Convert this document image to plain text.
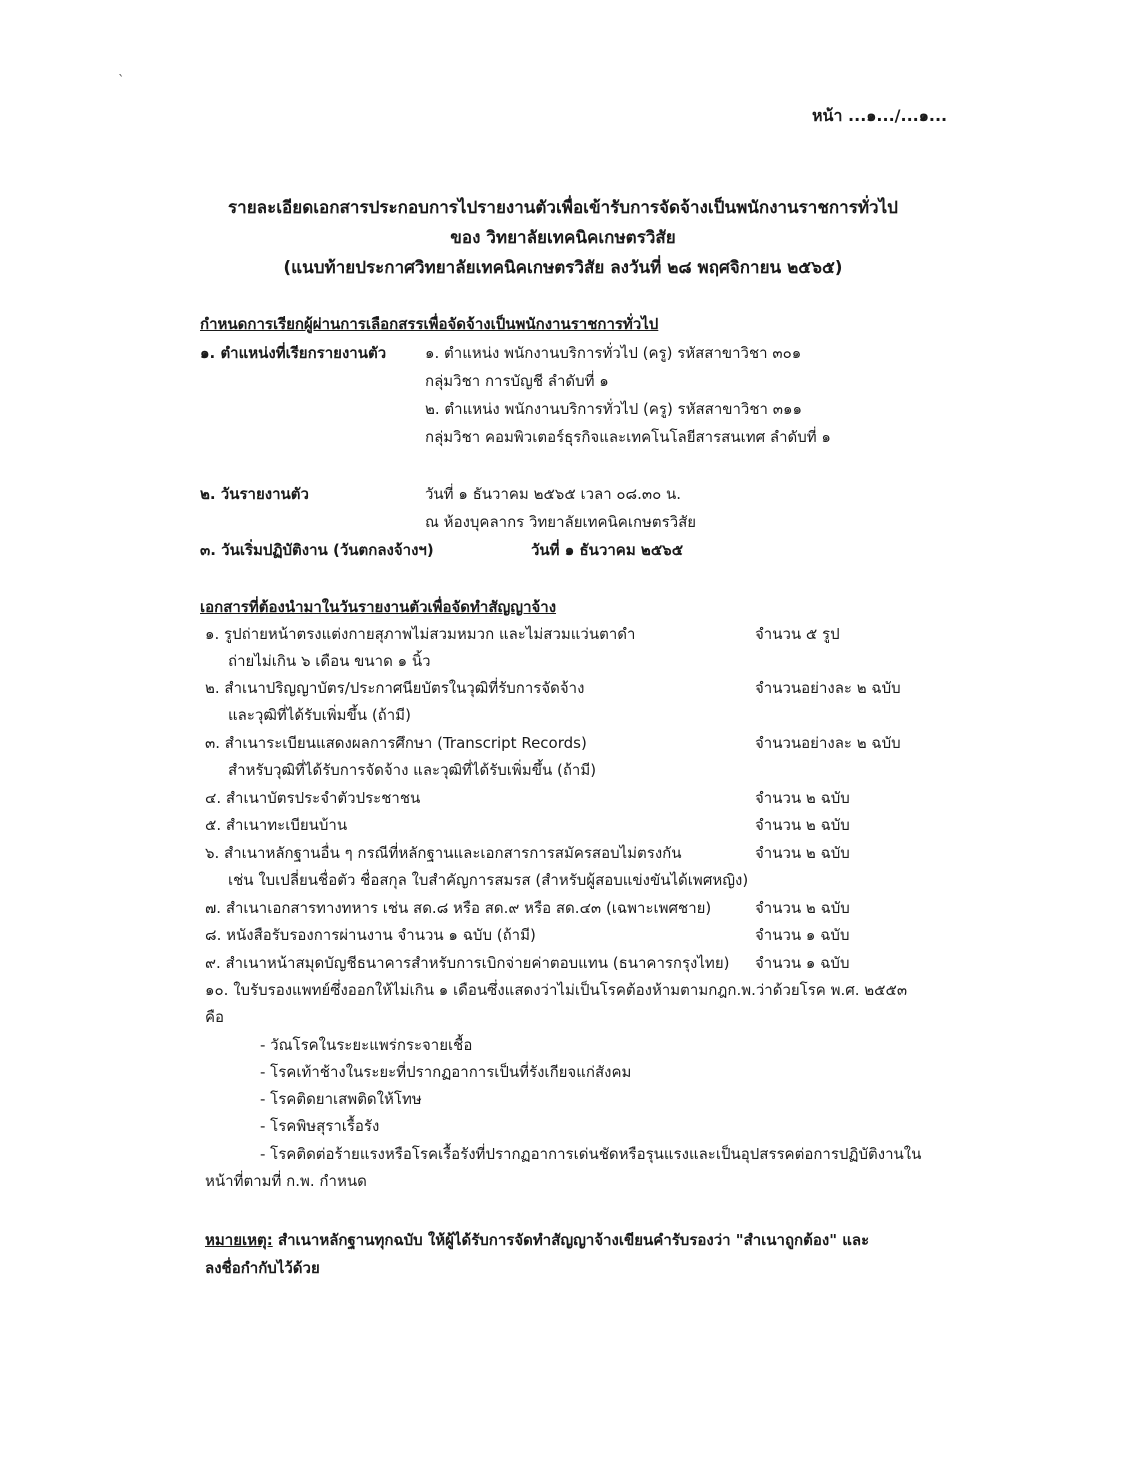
`
หน้า ...๑.../...๑...
รายละเอียดเอกสารประกอบการไปรายงานตัวเพื่อเข้ารับการจัดจ้างเป็นพนักงานราชการทั่วไป
ของ วิทยาลัยเทคนิคเกษตรวิสัย
(แนบท้ายประกาศวิทยาลัยเทคนิคเกษตรวิสัย ลงวันที่ ๒๘ พฤศจิกายน ๒๕๖๕)
กำหนดการเรียกผู้ผ่านการเลือกสรรเพื่อจัดจ้างเป็นพนักงานราชการทั่วไป
๑. ตำแหน่งที่เรียกรายงานตัว	๑. ตำแหน่ง พนักงานบริการทั่วไป (ครู) รหัสสาขาวิชา ๓๐๑
กลุ่มวิชา การบัญชี ลำดับที่ ๑
๒. ตำแหน่ง พนักงานบริการทั่วไป (ครู) รหัสสาขาวิชา ๓๑๑
กลุ่มวิชา คอมพิวเตอร์ธุรกิจและเทคโนโลยีสารสนเทศ ลำดับที่ ๑
๒. วันรายงานตัว	วันที่ ๑ ธันวาคม ๒๕๖๕ เวลา ๐๘.๓๐ น.
ณ ห้องบุคลากร วิทยาลัยเทคนิคเกษตรวิสัย
๓. วันเริ่มปฏิบัติงาน (วันตกลงจ้างฯ)	วันที่ ๑ ธันวาคม ๒๕๖๕
เอกสารที่ต้องนำมาในวันรายงานตัวเพื่อจัดทำสัญญาจ้าง
๑. รูปถ่ายหน้าตรงแต่งกายสุภาพไม่สวมหมวก และไม่สวมแว่นตาดำ	จำนวน ๕ รูป
ถ่ายไม่เกิน ๖ เดือน ขนาด ๑ นิ้ว
๒. สำเนาปริญญาบัตร/ประกาศนียบัตรในวุฒิที่รับการจัดจ้าง	จำนวนอย่างละ ๒ ฉบับ
และวุฒิที่ได้รับเพิ่มขึ้น (ถ้ามี)
๓. สำเนาระเบียนแสดงผลการศึกษา (Transcript Records)	จำนวนอย่างละ ๒ ฉบับ
สำหรับวุฒิที่ได้รับการจัดจ้าง และวุฒิที่ได้รับเพิ่มขึ้น (ถ้ามี)
๔. สำเนาบัตรประจำตัวประชาชน	จำนวน ๒ ฉบับ
๕. สำเนาทะเบียนบ้าน	จำนวน ๒ ฉบับ
๖. สำเนาหลักฐานอื่น ๆ กรณีที่หลักฐานและเอกสารการสมัครสอบไม่ตรงกัน	จำนวน ๒ ฉบับ
เช่น ใบเปลี่ยนชื่อตัว ชื่อสกุล ใบสำคัญการสมรส (สำหรับผู้สอบแข่งขันได้เพศหญิง)
๗. สำเนาเอกสารทางทหาร เช่น สด.๘ หรือ สด.๙ หรือ สด.๔๓ (เฉพาะเพศชาย)	จำนวน ๒ ฉบับ
๘. หนังสือรับรองการผ่านงาน จำนวน ๑ ฉบับ (ถ้ามี)	จำนวน ๑ ฉบับ
๙. สำเนาหน้าสมุดบัญชีธนาคารสำหรับการเบิกจ่ายค่าตอบแทน (ธนาคารกรุงไทย) จำนวน ๑ ฉบับ
๑๐. ใบรับรองแพทย์ซึ่งออกให้ไม่เกิน ๑ เดือนซึ่งแสดงว่าไม่เป็นโรคต้องห้ามตามกฎก.พ.ว่าด้วยโรค พ.ศ. ๒๕๕๓
คือ
- วัณโรคในระยะแพร่กระจายเชื้อ
- โรคเท้าช้างในระยะที่ปรากฏอาการเป็นที่รังเกียจแก่สังคม
- โรคติดยาเสพติดให้โทษ
- โรคพิษสุราเรื้อรัง
- โรคติดต่อร้ายแรงหรือโรคเรื้อรังที่ปรากฏอาการเด่นชัดหรือรุนแรงและเป็นอุปสรรคต่อการปฏิบัติงานใน
หน้าที่ตามที่ ก.พ. กำหนด
หมายเหตุ: สำเนาหลักฐานทุกฉบับ ให้ผู้ได้รับการจัดทำสัญญาจ้างเขียนคำรับรองว่า "สำเนาถูกต้อง" และ
ลงชื่อกำกับไว้ด้วย
